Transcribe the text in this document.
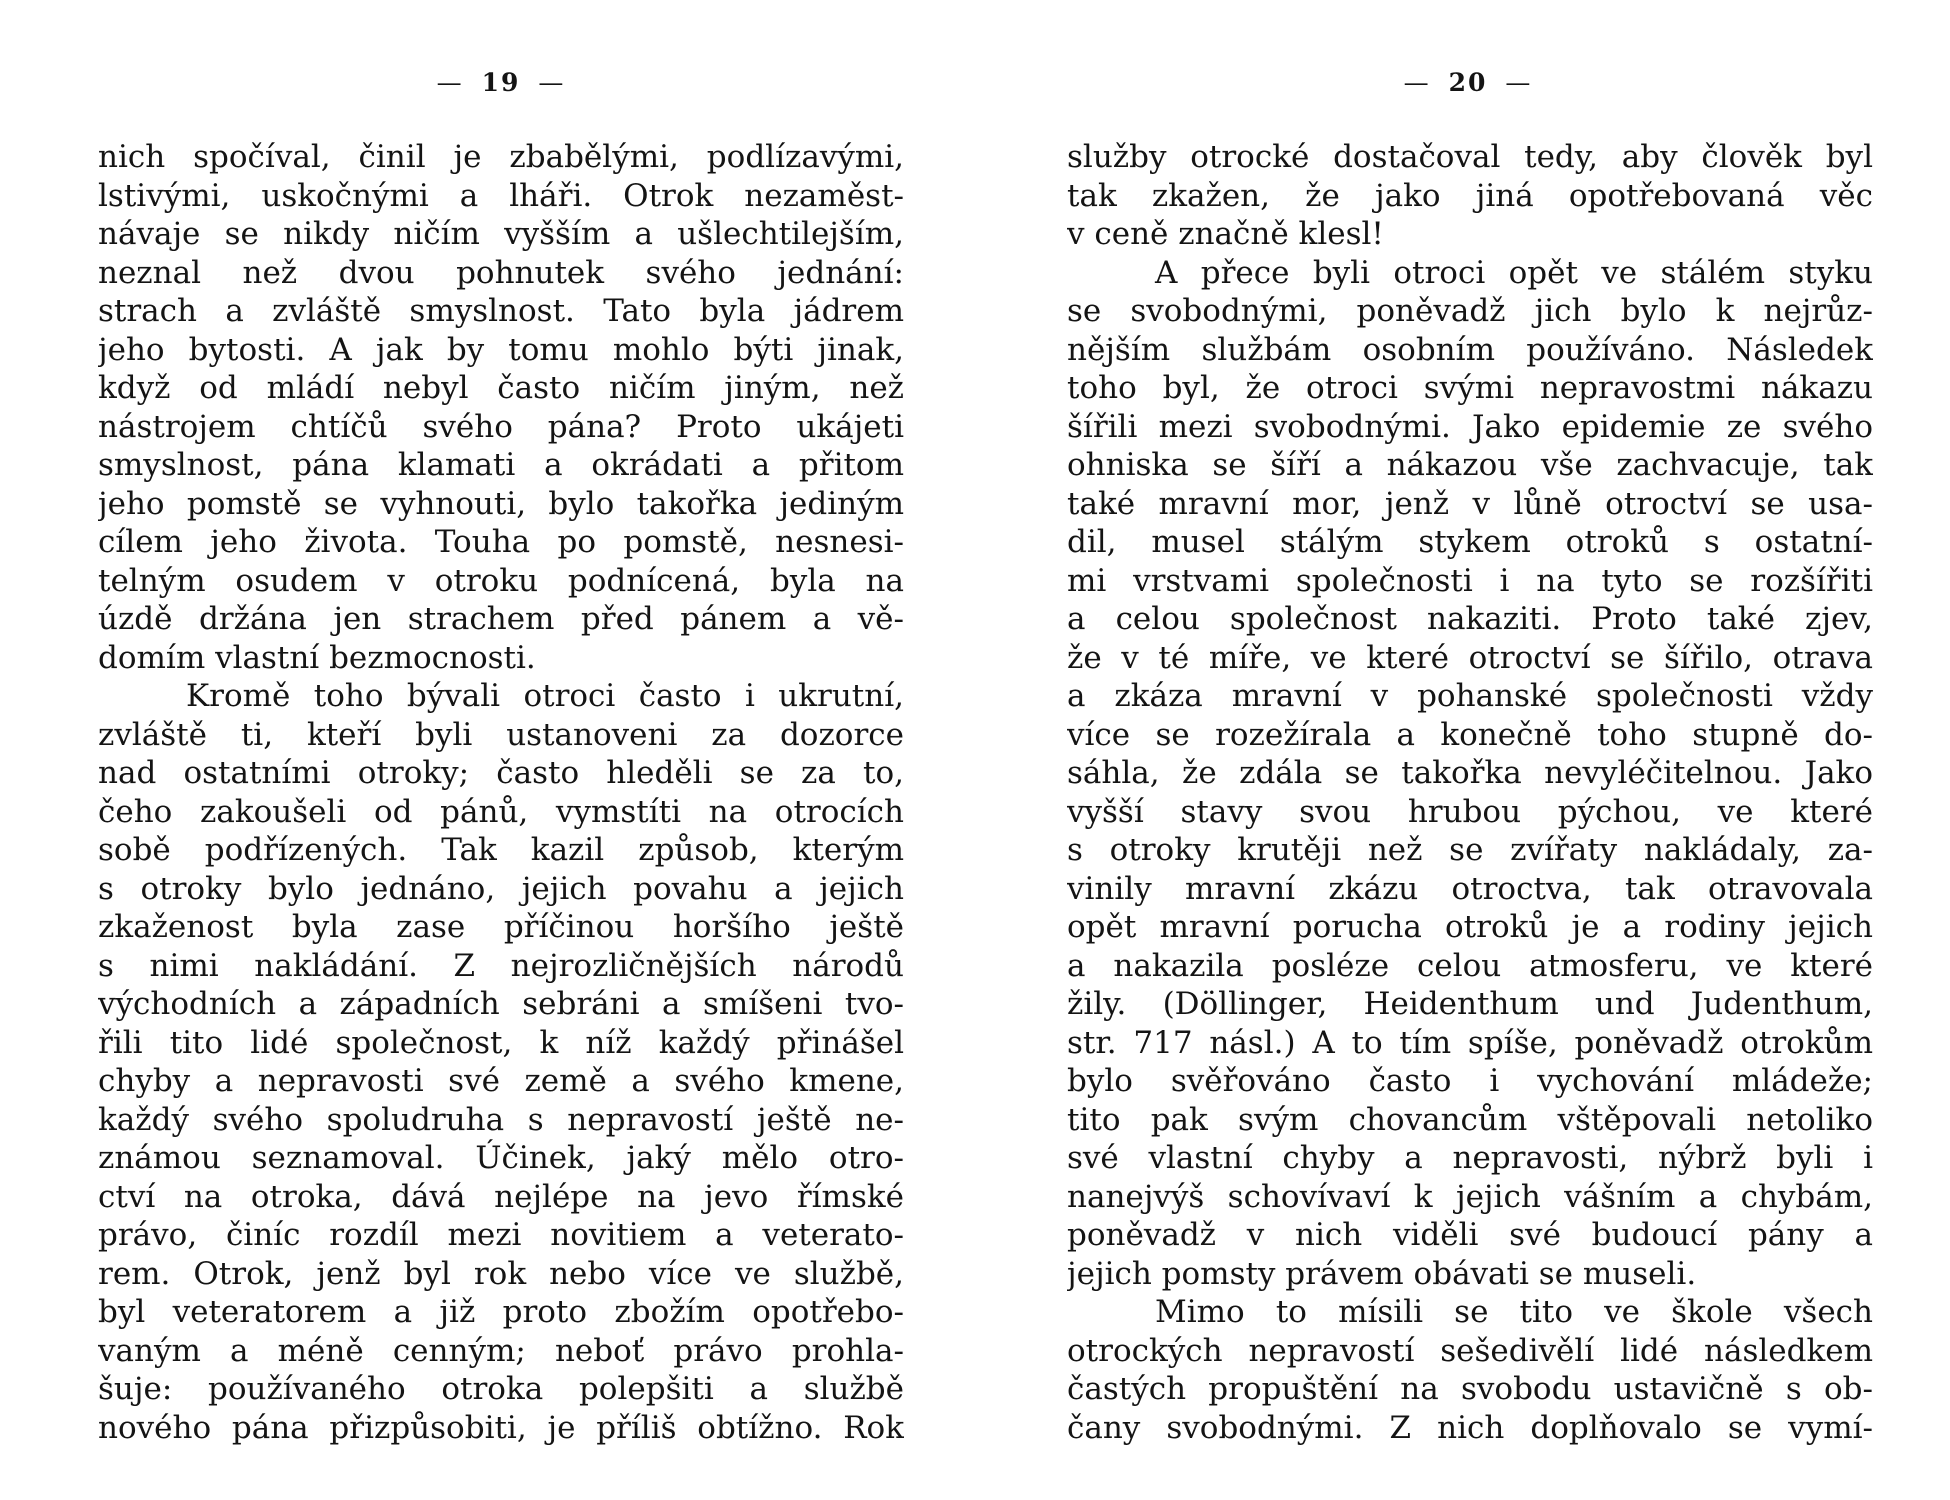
— 19 —
nich spočíval, činil je zbabělými, podlízavými,
lstivými, uskočnými a lháři. Otrok nezaměst-
návaje se nikdy ničím vyšším a ušlechtilejším,
neznal než dvou pohnutek svého jednání:
strach a zvláště smyslnost. Tato byla jádrem
jeho bytosti. A jak by tomu mohlo býti jinak,
když od mládí nebyl často ničím jiným, než
nástrojem chtíčů svého pána? Proto ukájeti
smyslnost, pána klamati a okrádati a přitom
jeho pomstě se vyhnouti, bylo takořka jediným
cílem jeho života. Touha po pomstě, nesnesi-
telným osudem v otroku podnícená, byla na
úzdě držána jen strachem před pánem a vě-
domím vlastní bezmocnosti.
Kromě toho bývali otroci často i ukrutní,
zvláště ti, kteří byli ustanoveni za dozorce
nad ostatními otroky; často hleděli se za to,
čeho zakoušeli od pánů, vymstíti na otrocích
sobě podřízených. Tak kazil způsob, kterým
s otroky bylo jednáno, jejich povahu a jejich
zkaženost byla zase příčinou horšího ještě
s nimi nakládání. Z nejrozličnějších národů
východních a západních sebráni a smíšeni tvo-
řili tito lidé společnost, k níž každý přinášel
chyby a nepravosti své země a svého kmene,
každý svého spoludruha s nepravostí ještě ne-
známou seznamoval. Účinek, jaký mělo otro-
ctví na otroka, dává nejlépe na jevo římské
právo, činíc rozdíl mezi novitiem a veterato-
rem. Otrok, jenž byl rok nebo více ve službě,
byl veteratorem a již proto zbožím opotřebo-
vaným a méně cenným; neboť právo prohla-
šuje: používaného otroka polepšiti a službě
nového pána přizpůsobiti, je příliš obtížno. Rok
— 20 —
služby otrocké dostačoval tedy, aby člověk byl
tak zkažen, že jako jiná opotřebovaná věc
v ceně značně klesl!
A přece byli otroci opět ve stálém styku
se svobodnými, poněvadž jich bylo k nejrůz-
nějším službám osobním používáno. Následek
toho byl, že otroci svými nepravostmi nákazu
šířili mezi svobodnými. Jako epidemie ze svého
ohniska se šíří a nákazou vše zachvacuje, tak
také mravní mor, jenž v lůně otroctví se usa-
dil, musel stálým stykem otroků s ostatní-
mi vrstvami společnosti i na tyto se rozšířiti
a celou společnost nakaziti. Proto také zjev,
že v té míře, ve které otroctví se šířilo, otrava
a zkáza mravní v pohanské společnosti vždy
více se rozežírala a konečně toho stupně do-
sáhla, že zdála se takořka nevyléčitelnou. Jako
vyšší stavy svou hrubou pýchou, ve které
s otroky krutěji než se zvířaty nakládaly, za-
vinily mravní zkázu otroctva, tak otravovala
opět mravní porucha otroků je a rodiny jejich
a nakazila posléze celou atmosferu, ve které
žily. (Döllinger, Heidenthum und Judenthum,
str. 717 násl.) A to tím spíše, poněvadž otrokům
bylo svěřováno často i vychování mládeže;
tito pak svým chovancům vštěpovali netoliko
své vlastní chyby a nepravosti, nýbrž byli i
nanejvýš schovívaví k jejich vášním a chybám,
poněvadž v nich viděli své budoucí pány a
jejich pomsty právem obávati se museli.
Mimo to mísili se tito ve škole všech
otrockých nepravostí sešedivělí lidé následkem
častých propuštění na svobodu ustavičně s ob-
čany svobodnými. Z nich doplňovalo se vymí-
